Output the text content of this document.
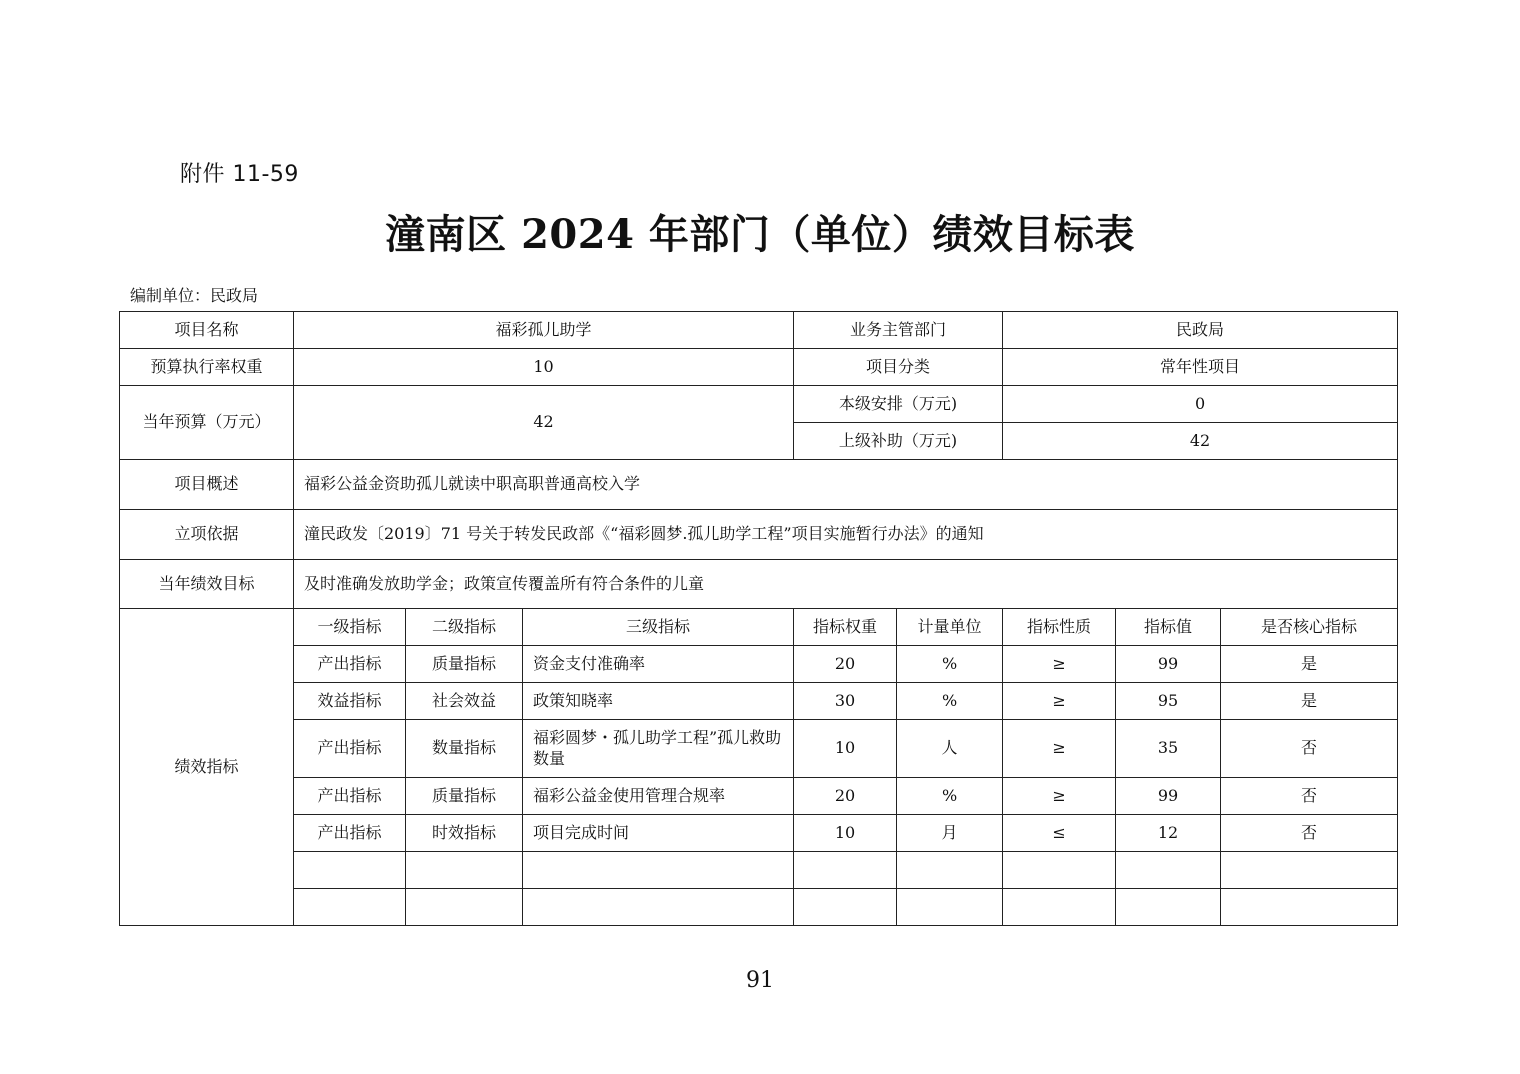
附件 11-59
潼南区 2024 年部门（单位）绩效目标表
编制单位：民政局
项目名称	福彩孤儿助学			业务主管部门		民政局		
预算执行率权重	10			项目分类		常年性项目		
当年预算（万元）	42			本级安排（万元)		0		
				上级补助（万元)		42		
项目概述	福彩公益金资助孤儿就读中职高职普通高校入学							
立项依据	潼民政发〔2019〕71 号关于转发民政部《“福彩圆梦.孤儿助学工程”项目实施暂行办法》的通知							
当年绩效目标	及时准确发放助学金；政策宣传覆盖所有符合条件的儿童							
绩效指标	一级指标	二级指标	三级指标	指标权重	计量单位	指标性质	指标值	是否核心指标
	产出指标	质量指标	资金支付准确率	20	%	≥	99	是
	效益指标	社会效益	政策知晓率	30	%	≥	95	是
	产出指标	数量指标	福彩圆梦・孤儿助学工程”孤儿救助数量	10	人	≥	35	否
	产出指标	质量指标	福彩公益金使用管理合规率	20	%	≥	99	否
	产出指标	时效指标	项目完成时间	10	月	≤	12	否

91
